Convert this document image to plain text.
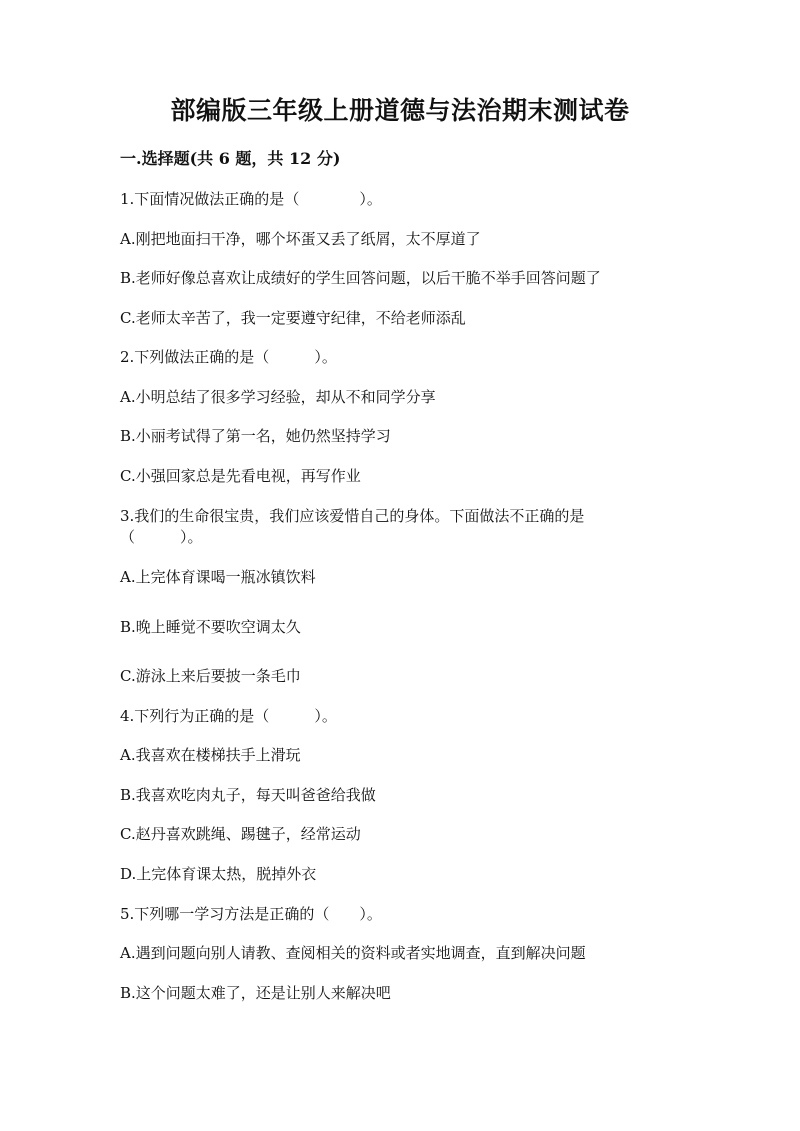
部编版三年级上册道德与法治期末测试卷
一.选择题(共 6 题，共 12 分)
1.下面情况做法正确的是（　　　　）。
A.刚把地面扫干净，哪个坏蛋又丢了纸屑，太不厚道了
B.老师好像总喜欢让成绩好的学生回答问题，以后干脆不举手回答问题了
C.老师太辛苦了，我一定要遵守纪律，不给老师添乱
2.下列做法正确的是（　　　）。
A.小明总结了很多学习经验，却从不和同学分享
B.小丽考试得了第一名，她仍然坚持学习
C.小强回家总是先看电视，再写作业
3.我们的生命很宝贵，我们应该爱惜自己的身体。下面做法不正确的是
（　　　）。
A.上完体育课喝一瓶冰镇饮料
B.晚上睡觉不要吹空调太久
C.游泳上来后要披一条毛巾
4.下列行为正确的是（　　　）。
A.我喜欢在楼梯扶手上滑玩
B.我喜欢吃肉丸子，每天叫爸爸给我做
C.赵丹喜欢跳绳、踢毽子，经常运动
D.上完体育课太热，脱掉外衣
5.下列哪一学习方法是正确的（　　）。
A.遇到问题向别人请教、查阅相关的资料或者实地调查，直到解决问题
B.这个问题太难了，还是让别人来解决吧
